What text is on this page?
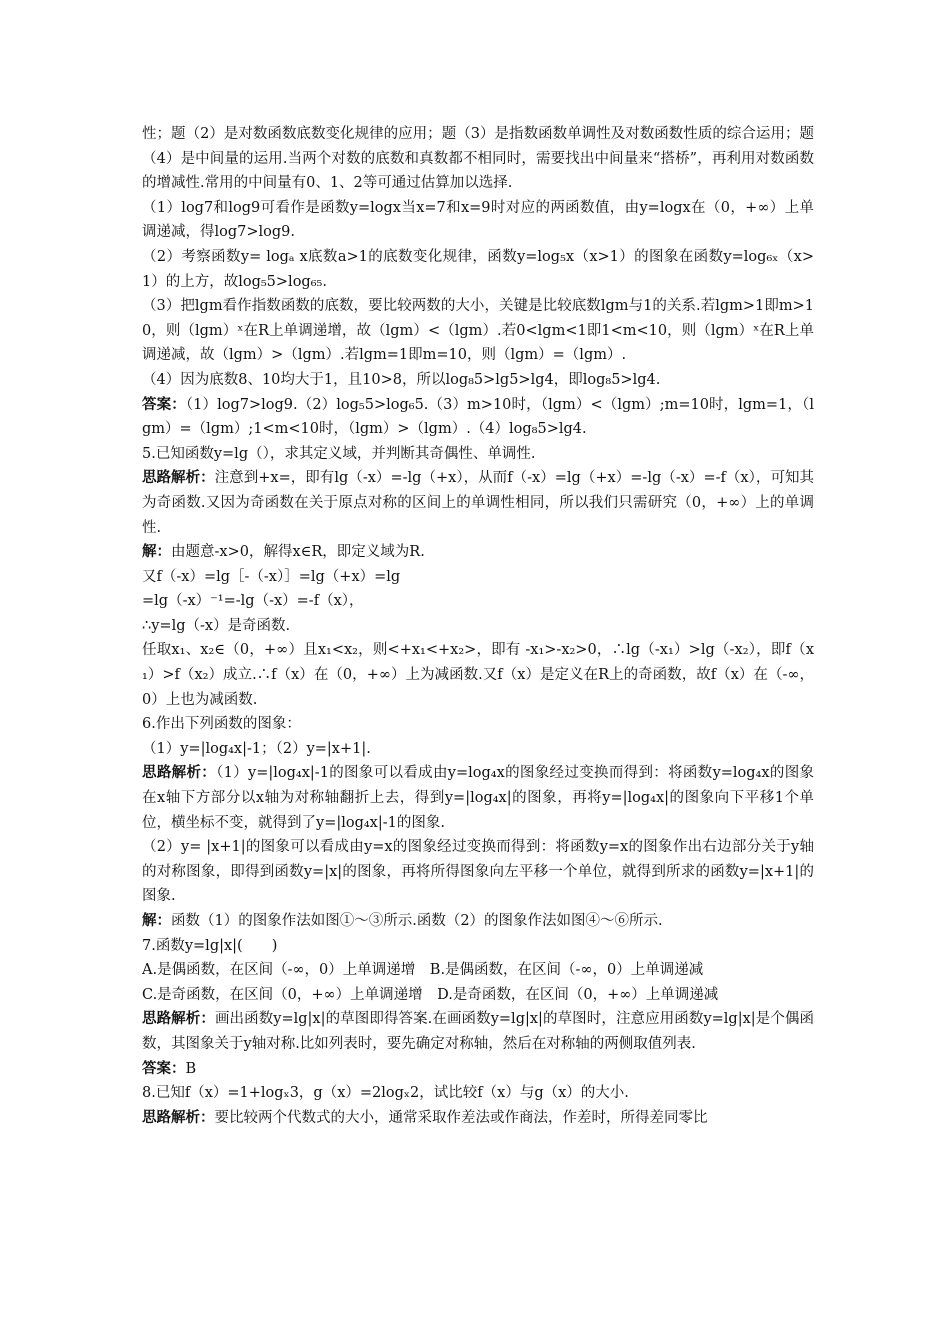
性；题（2）是对数函数底数变化规律的应用；题（3）是指数函数单调性及对数函数性质的综合运用；题（4）是中间量的运用.当两个对数的底数和真数都不相同时，需要找出中间量来“搭桥”，再利用对数函数的增减性.常用的中间量有0、1、2等可通过估算加以选择.

（1）log7和log9可看作是函数y=logx当x=7和x=9时对应的两函数值，由y=logx在（0，+∞）上单调递减，得log7>log9.

（2）考察函数y= logₐ x底数a>1的底数变化规律，函数y=log₅x（x>1）的图象在函数y=log₆ₓ（x>1）的上方，故log₅5>log₆₅.

（3）把lgm看作指数函数的底数，要比较两数的大小，关键是比较底数lgm与1的关系.若lgm>1即m>10，则（lgm）ˣ在R上单调递增，故（lgm）<（lgm）.若0<lgm<1即1<m<10，则（lgm）ˣ在R上单调递减，故（lgm）>（lgm）.若lgm=1即m=10，则（lgm）=（lgm）.

（4）因为底数8、10均大于1，且10>8，所以log₈5>lg5>lg4，即log₈5>lg4.

答案：（1）log7>log9.（2）log₅5>log₆5.（3）m>10时，（lgm）<（lgm）;m=10时，lgm=1，（lgm）=（lgm）;1<m<10时，（lgm）>（lgm）.（4）log₈5>lg4.

5.已知函数y=lg（），求其定义域，并判断其奇偶性、单调性.

思路解析：注意到+x=，即有lg（-x）=-lg（+x），从而f（-x）=lg（+x）=-lg（-x）=-f（x），可知其为奇函数.又因为奇函数在关于原点对称的区间上的单调性相同，所以我们只需研究（0，+∞）上的单调性.

解：由题意-x>0，解得x∈R，即定义域为R.

又f（-x）=lg［-（-x）］=lg（+x）=lg

=lg（-x）⁻¹=-lg（-x）=-f（x），

∴y=lg（-x）是奇函数.

任取x₁、x₂∈（0，+∞）且x₁<x₂，则<+x₁<+x₂>，即有 -x₁>-x₂>0，∴lg（-x₁）>lg（-x₂），即f（x₁）>f（x₂）成立.∴f（x）在（0，+∞）上为减函数.又f（x）是定义在R上的奇函数，故f（x）在（-∞，0）上也为减函数.

6.作出下列函数的图象：

（1）y=|log₄x|-1；（2）y=|x+1|.

思路解析：（1）y=|log₄x|-1的图象可以看成由y=log₄x的图象经过变换而得到：将函数y=log₄x的图象在x轴下方部分以x轴为对称轴翻折上去，得到y=|log₄x|的图象，再将y=|log₄x|的图象向下平移1个单位，横坐标不变，就得到了y=|log₄x|-1的图象.

（2）y= |x+1|的图象可以看成由y=x的图象经过变换而得到：将函数y=x的图象作出右边部分关于y轴的对称图象，即得到函数y=|x|的图象，再将所得图象向左平移一个单位，就得到所求的函数y=|x+1|的图象.

解：函数（1）的图象作法如图①～③所示.函数（2）的图象作法如图④～⑥所示.

7.函数y=lg|x|(　　)

A.是偶函数，在区间（-∞，0）上单调递增　B.是偶函数，在区间（-∞，0）上单调递减

C.是奇函数，在区间（0，+∞）上单调递增　D.是奇函数，在区间（0，+∞）上单调递减

思路解析：画出函数y=lg|x|的草图即得答案.在画函数y=lg|x|的草图时，注意应用函数y=lg|x|是个偶函数，其图象关于y轴对称.比如列表时，要先确定对称轴，然后在对称轴的两侧取值列表.

答案：B

8.已知f（x）=1+logₓ3，g（x）=2logₓ2，试比较f（x）与g（x）的大小.

思路解析：要比较两个代数式的大小，通常采取作差法或作商法，作差时，所得差同零比
